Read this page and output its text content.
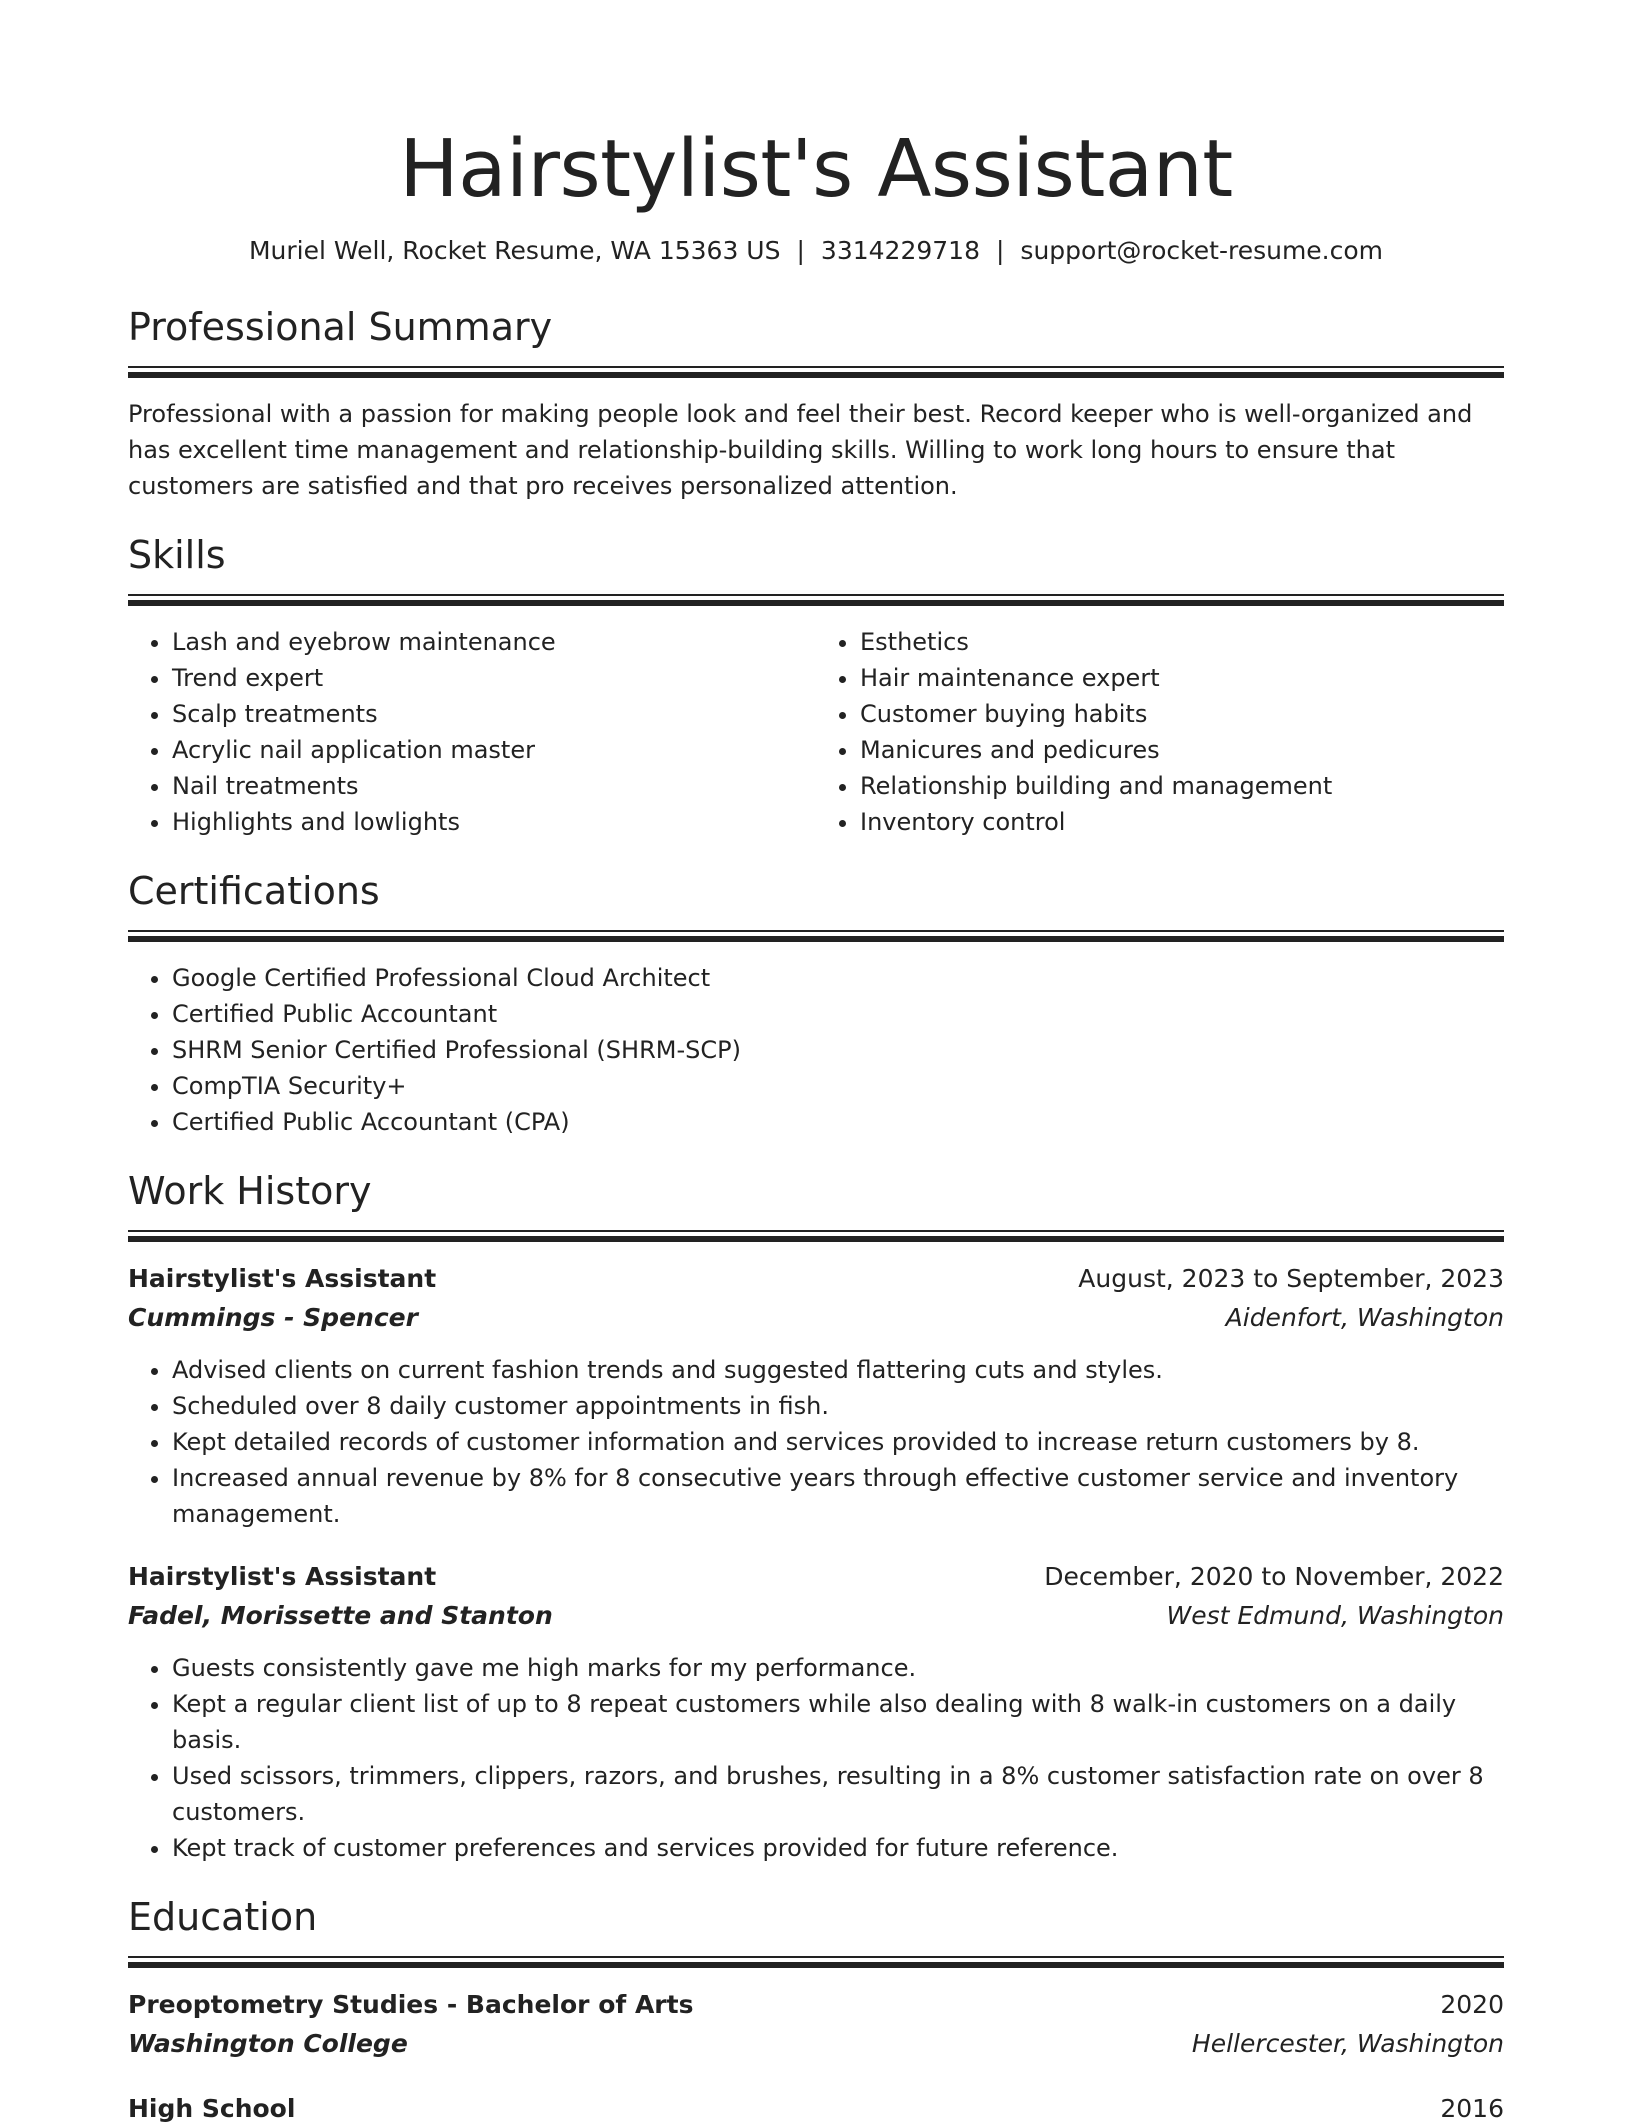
Hairstylist's Assistant
Muriel Well, Rocket Resume, WA 15363 US | 3314229718 | support@rocket-resume.com
Professional Summary
Professional with a passion for making people look and feel their best. Record keeper who is well-organized and has excellent time management and relationship-building skills. Willing to work long hours to ensure that customers are satisfied and that pro receives personalized attention.
Skills
• Lash and eyebrow maintenance
• Trend expert
• Scalp treatments
• Acrylic nail application master
• Nail treatments
• Highlights and lowlights
• Esthetics
• Hair maintenance expert
• Customer buying habits
• Manicures and pedicures
• Relationship building and management
• Inventory control
Certifications
• Google Certified Professional Cloud Architect
• Certified Public Accountant
• SHRM Senior Certified Professional (SHRM-SCP)
• CompTIA Security+
• Certified Public Accountant (CPA)
Work History
Hairstylist's Assistant	August, 2023 to September, 2023
Cummings - Spencer	Aidenfort, Washington
• Advised clients on current fashion trends and suggested flattering cuts and styles.
• Scheduled over 8 daily customer appointments in fish.
• Kept detailed records of customer information and services provided to increase return customers by 8.
• Increased annual revenue by 8% for 8 consecutive years through effective customer service and inventory management.
Hairstylist's Assistant	December, 2020 to November, 2022
Fadel, Morissette and Stanton	West Edmund, Washington
• Guests consistently gave me high marks for my performance.
• Kept a regular client list of up to 8 repeat customers while also dealing with 8 walk-in customers on a daily basis.
• Used scissors, trimmers, clippers, razors, and brushes, resulting in a 8% customer satisfaction rate on over 8 customers.
• Kept track of customer preferences and services provided for future reference.
Education
Preoptometry Studies - Bachelor of Arts	2020
Washington College	Hellercester, Washington
High School	2016
